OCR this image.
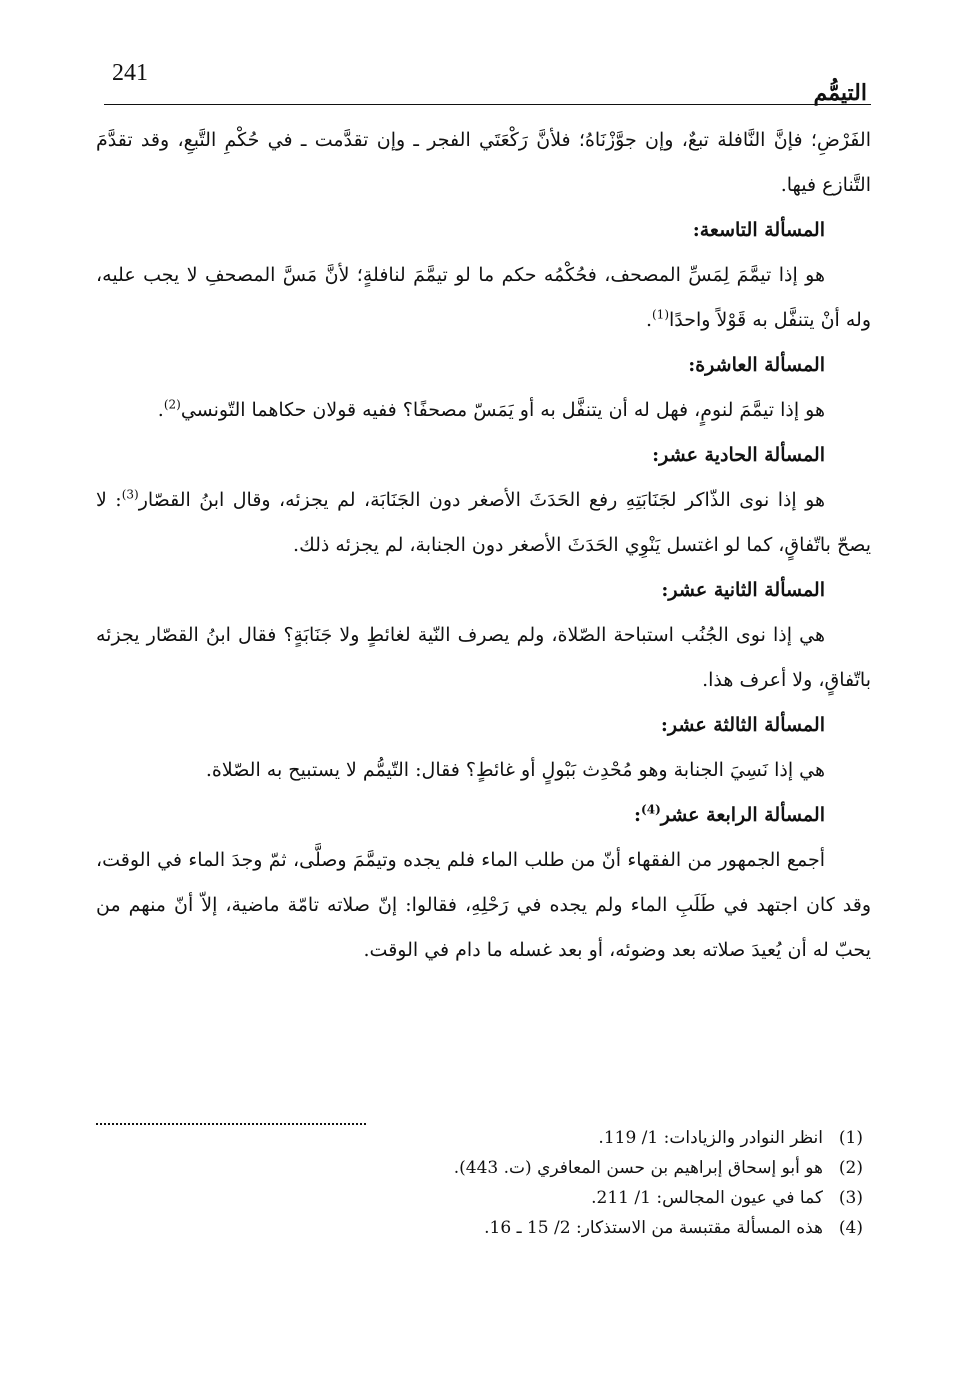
241
التيمُّم

الفَرْضِ؛ فإنَّ النَّافلة تبعٌ، وإن جوَّزْنَاهُ؛ فلأنَّ رَكْعَتَي الفجر ـ وإن تقدَّمت ـ في حُكْمِ التَّبعِ، وقد تقدَّمَ التَّنازع فيها.

المسألة التاسعة:

هو إذا تيمَّمَ لِمَسِّ المصحف، فحُكْمُه حكم ما لو تيمَّمَ لنافلةٍ؛ لأنَّ مَسَّ المصحفِ لا يجب عليه، وله أنْ يتنفَّل به قَوْلاً واحدًا$^{(1)}$.

المسألة العاشرة:

هو إذا تيمَّمَ لنومٍ، فهل له أن يتنفَّل به أو يَمَسّ مصحفًا؟ ففيه قولان حكاهما التّونسي$^{(2)}$.

المسألة الحادية عشر:

هو إذا نوى الذّاكر لجَنَابَتِهِ رفع الحَدَثَ الأصغر دون الجَنَابَة، لم يجزئه، وقال ابنُ القصّار$^{(3)}$: لا يصحّ باتّفاقٍ، كما لو اغتسل يَنْوِي الحَدَثَ الأصغر دون الجنابة، لم يجزئه ذلك.

المسألة الثانية عشر:

هي إذا نوى الجُنُب استباحة الصّلاة، ولم يصرف النّية لغائطٍ ولا جَنَابَةٍ؟ فقال ابنُ القصّار يجزئه باتّفاقٍ، ولا أعرف هذا.

المسألة الثالثة عشر:

هي إذا نَسِيَ الجنابة وهو مُحْدِث بَبْولٍ أو غائطٍ؟ فقال: التّيمُّم لا يستبيح به الصّلاة.

المسألة الرابعة عشر$^{(4)}$:

أجمع الجمهور من الفقهاء أنّ من طلب الماء فلم يجده وتيمَّمَ وصلَّى، ثمّ وجدَ الماء في الوقت، وقد كان اجتهد في طَلَبِ الماء ولم يجده في رَحْلِهِ، فقالوا: إنّ صلاته تامّة ماضية، إلاّ أنّ منهم من يحبّ له أن يُعيدَ صلاته بعد وضوئه، أو بعد غسله ما دام في الوقت.

(1)انظر النوادر والزيادات: 1/ 119.

(2)هو أبو إسحاق إبراهيم بن حسن المعافري (ت. 443).

(3)كما في عيون المجالس: 1/ 211.

(4)هذه المسألة مقتبسة من الاستذكار: 2/ 15 ـ 16.
